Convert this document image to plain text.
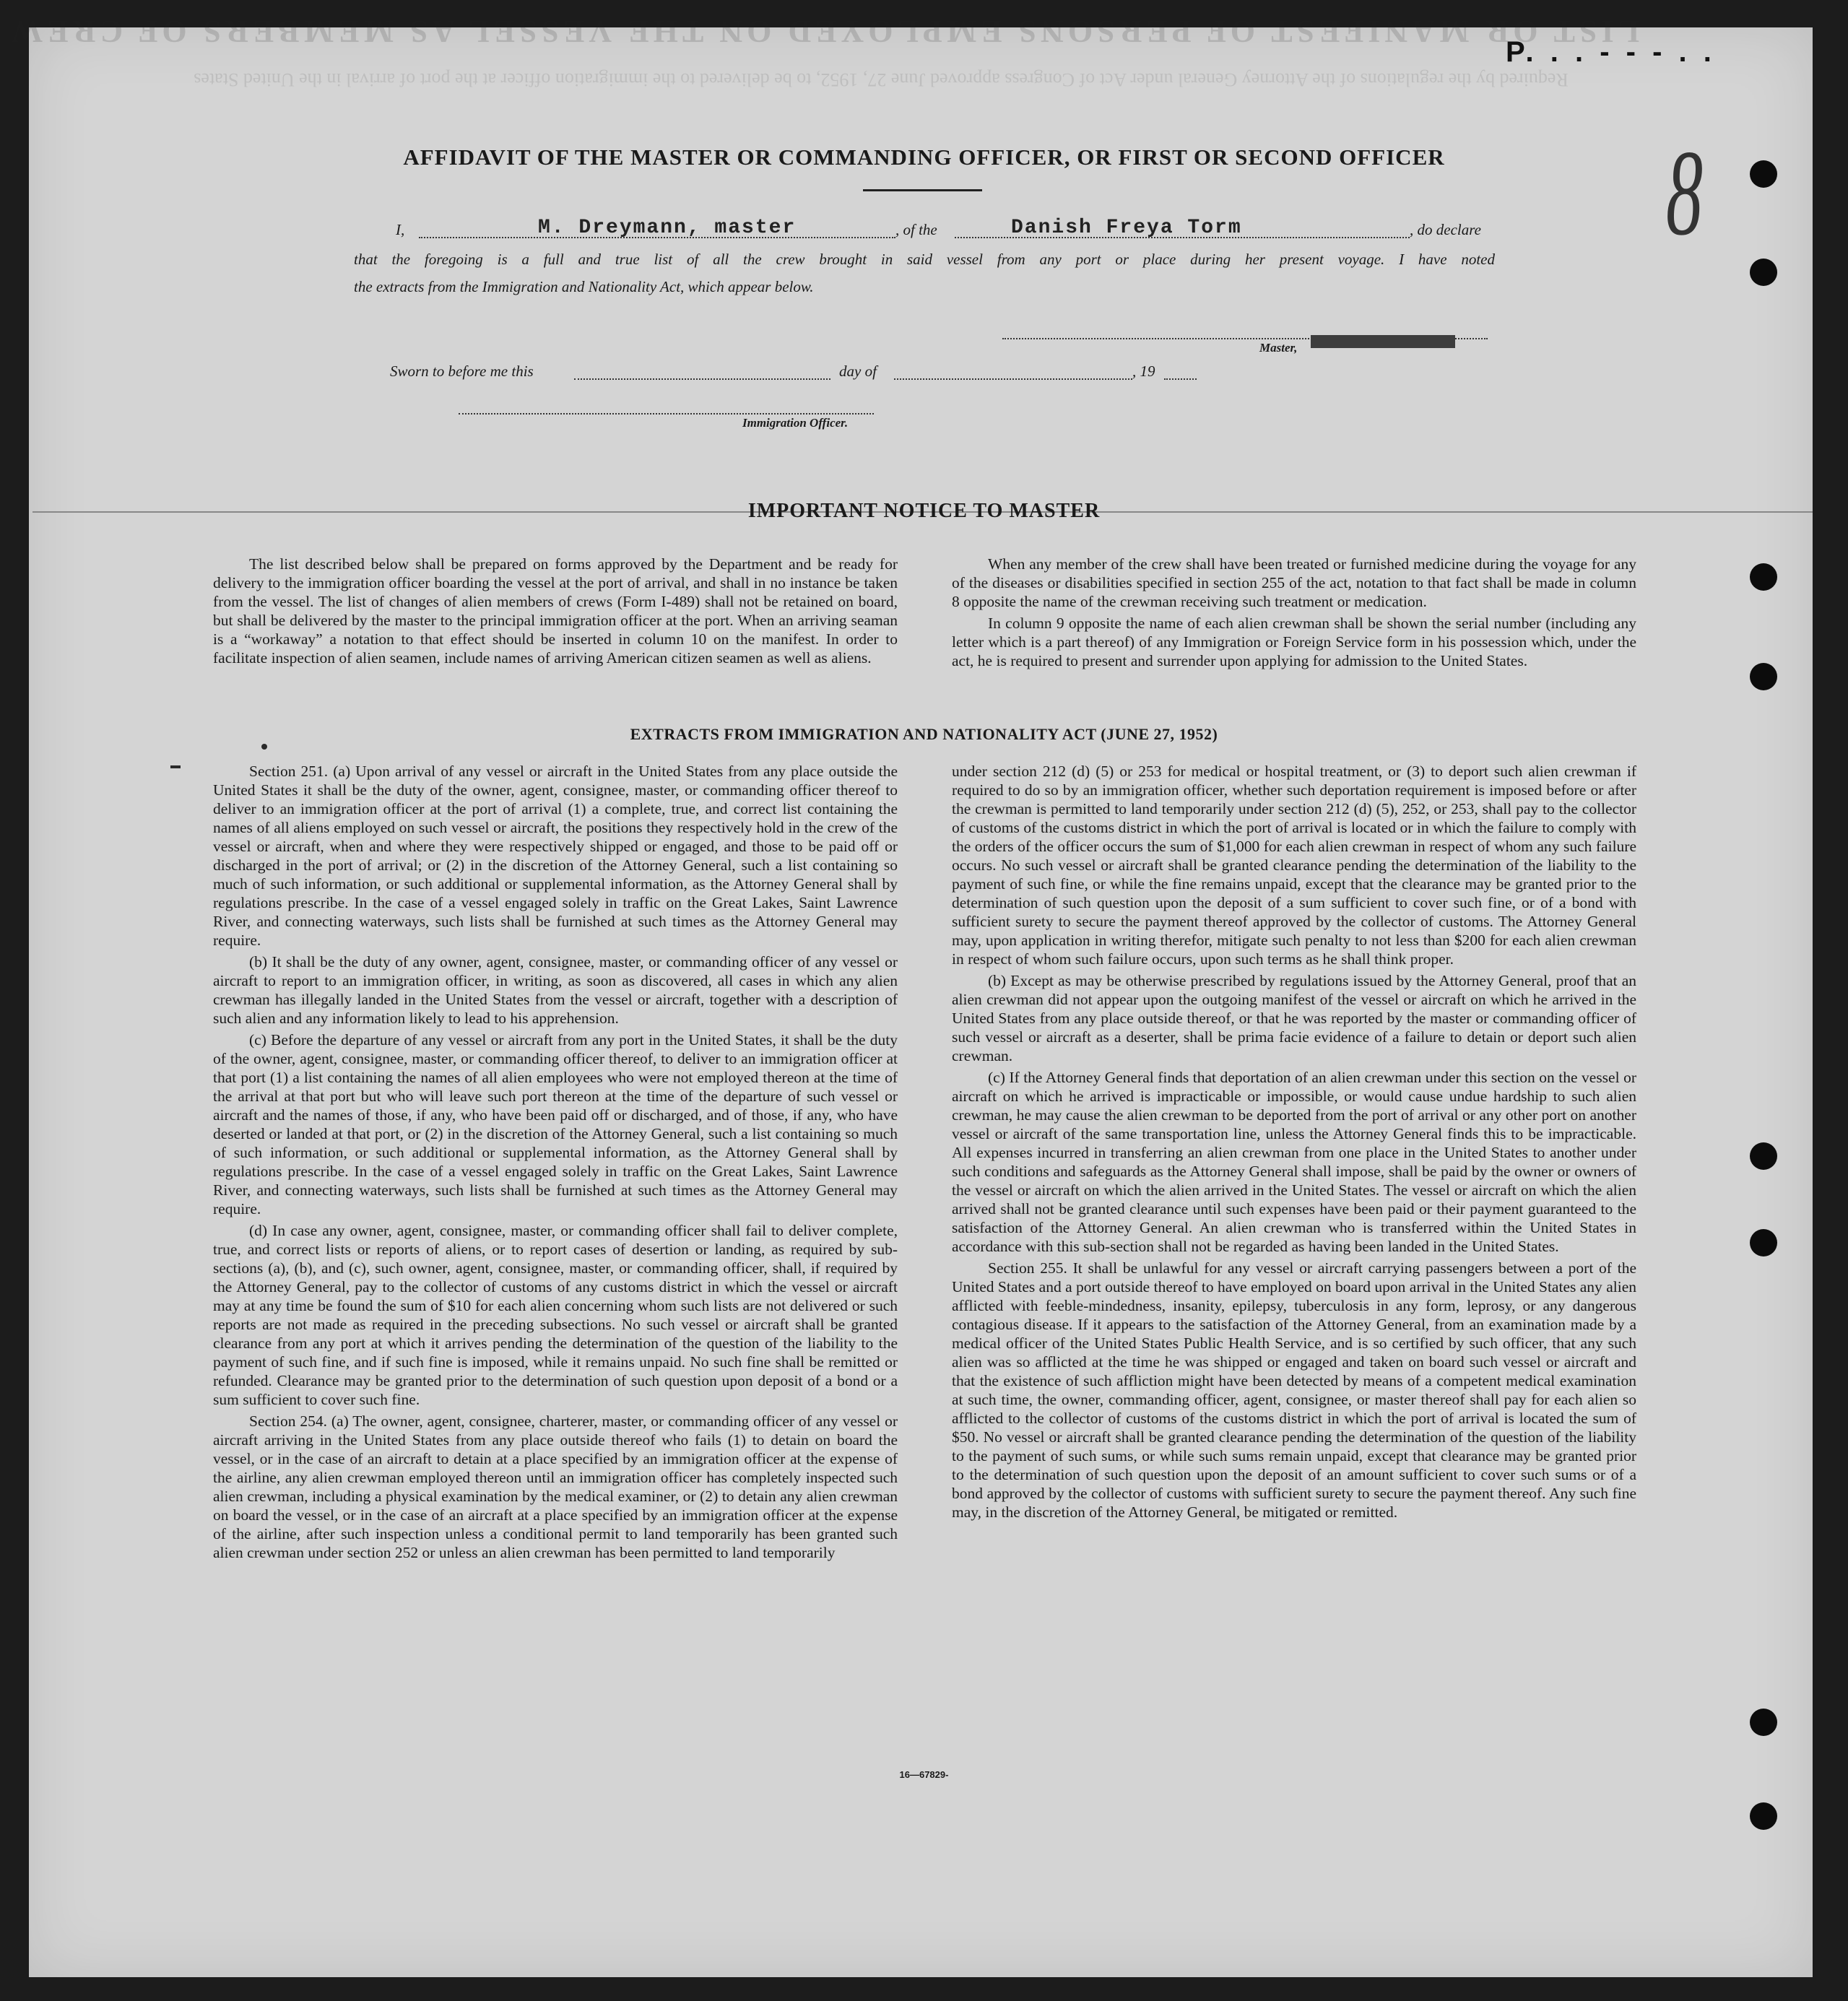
LIST OR MANIFEST OF PERSONS EMPLOYED ON THE VESSEL AS MEMBERS OF CREW
Required by the regulations of the Attorney General under Act of Congress approved June 27, 1952, to be delivered to the immigration officer at the port of arrival in the United States
P. . . - - - . .
8
AFFIDAVIT OF THE MASTER OR COMMANDING OFFICER, OR FIRST OR SECOND OFFICER
I,	M. Dreymann, master	, of the	Danish Freya Torm	, do declare

that the foregoing is a full and true list of all the crew brought in said vessel from any port or place during her present voyage. I have noted

the extracts from the Immigration and Nationality Act, which appear below.

Master,
Sworn to before me this	day of	, 19
Immigration Officer.
IMPORTANT NOTICE TO MASTER

The list described below shall be prepared on forms approved by the Department and be ready for delivery to the immigration officer boarding the vessel at the port of arrival, and shall in no instance be taken from the vessel. The list of changes of alien members of crews (Form I-489) shall not be retained on board, but shall be delivered by the master to the principal immigration officer at the port. When an arriving seaman is a “workaway” a notation to that effect should be inserted in column 10 on the manifest. In order to facilitate inspection of alien seamen, include names of arriving American citizen seamen as well as aliens.

When any member of the crew shall have been treated or furnished medicine during the voyage for any of the diseases or disabilities specified in section 255 of the act, notation to that fact shall be made in column 8 opposite the name of the crewman receiving such treatment or medication.

In column 9 opposite the name of each alien crewman shall be shown the serial number (including any letter which is a part thereof) of any Immigration or Foreign Service form in his possession which, under the act, he is required to present and surrender upon applying for admission to the United States.

EXTRACTS FROM IMMIGRATION AND NATIONALITY ACT (JUNE 27, 1952)

Section 251. (a) Upon arrival of any vessel or aircraft in the United States from any place outside the United States it shall be the duty of the owner, agent, consignee, master, or commanding officer thereof to deliver to an immigration officer at the port of arrival (1) a complete, true, and correct list containing the names of all aliens employed on such vessel or aircraft, the positions they respectively hold in the crew of the vessel or aircraft, when and where they were respectively shipped or engaged, and those to be paid off or discharged in the port of arrival; or (2) in the discretion of the Attorney General, such a list containing so much of such information, or such additional or supplemental information, as the Attorney General shall by regulations prescribe. In the case of a vessel engaged solely in traffic on the Great Lakes, Saint Lawrence River, and connecting waterways, such lists shall be furnished at such times as the Attorney General may require.

(b) It shall be the duty of any owner, agent, consignee, master, or commanding officer of any vessel or aircraft to report to an immigration officer, in writing, as soon as discovered, all cases in which any alien crewman has illegally landed in the United States from the vessel or aircraft, together with a description of such alien and any information likely to lead to his apprehension.

(c) Before the departure of any vessel or aircraft from any port in the United States, it shall be the duty of the owner, agent, consignee, master, or commanding officer thereof, to deliver to an immigration officer at that port (1) a list containing the names of all alien employees who were not employed thereon at the time of the arrival at that port but who will leave such port thereon at the time of the departure of such vessel or aircraft and the names of those, if any, who have been paid off or discharged, and of those, if any, who have deserted or landed at that port, or (2) in the discretion of the Attorney General, such a list containing so much of such information, or such additional or supplemental information, as the Attorney General shall by regulations prescribe. In the case of a vessel engaged solely in traffic on the Great Lakes, Saint Lawrence River, and connecting waterways, such lists shall be furnished at such times as the Attorney General may require.

(d) In case any owner, agent, consignee, master, or commanding officer shall fail to deliver complete, true, and correct lists or reports of aliens, or to report cases of desertion or landing, as required by sub-sections (a), (b), and (c), such owner, agent, consignee, master, or commanding officer, shall, if required by the Attorney General, pay to the collector of customs of any customs district in which the vessel or aircraft may at any time be found the sum of $10 for each alien concerning whom such lists are not delivered or such reports are not made as required in the preceding subsections. No such vessel or aircraft shall be granted clearance from any port at which it arrives pending the determination of the question of the liability to the payment of such fine, and if such fine is imposed, while it remains unpaid. No such fine shall be remitted or refunded. Clearance may be granted prior to the determination of such question upon deposit of a bond or a sum sufficient to cover such fine.

Section 254. (a) The owner, agent, consignee, charterer, master, or commanding officer of any vessel or aircraft arriving in the United States from any place outside thereof who fails (1) to detain on board the vessel, or in the case of an aircraft to detain at a place specified by an immigration officer at the expense of the airline, any alien crewman employed thereon until an immigration officer has completely inspected such alien crewman, including a physical examination by the medical examiner, or (2) to detain any alien crewman on board the vessel, or in the case of an aircraft at a place specified by an immigration officer at the expense of the airline, after such inspection unless a conditional permit to land temporarily has been granted such alien crewman under section 252 or unless an alien crewman has been permitted to land temporarily

under section 212 (d) (5) or 253 for medical or hospital treatment, or (3) to deport such alien crewman if required to do so by an immigration officer, whether such deportation requirement is imposed before or after the crewman is permitted to land temporarily under section 212 (d) (5), 252, or 253, shall pay to the collector of customs of the customs district in which the port of arrival is located or in which the failure to comply with the orders of the officer occurs the sum of $1,000 for each alien crewman in respect of whom any such failure occurs. No such vessel or aircraft shall be granted clearance pending the determination of the liability to the payment of such fine, or while the fine remains unpaid, except that the clearance may be granted prior to the determination of such question upon the deposit of a sum sufficient to cover such fine, or of a bond with sufficient surety to secure the payment thereof approved by the collector of customs. The Attorney General may, upon application in writing therefor, mitigate such penalty to not less than $200 for each alien crewman in respect of whom such failure occurs, upon such terms as he shall think proper.

(b) Except as may be otherwise prescribed by regulations issued by the Attorney General, proof that an alien crewman did not appear upon the outgoing manifest of the vessel or aircraft on which he arrived in the United States from any place outside thereof, or that he was reported by the master or commanding officer of such vessel or aircraft as a deserter, shall be prima facie evidence of a failure to detain or deport such alien crewman.

(c) If the Attorney General finds that deportation of an alien crewman under this section on the vessel or aircraft on which he arrived is impracticable or impossible, or would cause undue hardship to such alien crewman, he may cause the alien crewman to be deported from the port of arrival or any other port on another vessel or aircraft of the same transportation line, unless the Attorney General finds this to be impracticable. All expenses incurred in transferring an alien crewman from one place in the United States to another under such conditions and safeguards as the Attorney General shall impose, shall be paid by the owner or owners of the vessel or aircraft on which the alien arrived in the United States. The vessel or aircraft on which the alien arrived shall not be granted clearance until such expenses have been paid or their payment guaranteed to the satisfaction of the Attorney General. An alien crewman who is transferred within the United States in accordance with this sub-section shall not be regarded as having been landed in the United States.

Section 255. It shall be unlawful for any vessel or aircraft carrying passengers between a port of the United States and a port outside thereof to have employed on board upon arrival in the United States any alien afflicted with feeble-mindedness, insanity, epilepsy, tuberculosis in any form, leprosy, or any dangerous contagious disease. If it appears to the satisfaction of the Attorney General, from an examination made by a medical officer of the United States Public Health Service, and is so certified by such officer, that any such alien was so afflicted at the time he was shipped or engaged and taken on board such vessel or aircraft and that the existence of such affliction might have been detected by means of a competent medical examination at such time, the owner, commanding officer, agent, consignee, or master thereof shall pay for each alien so afflicted to the collector of customs of the customs district in which the port of arrival is located the sum of $50. No vessel or aircraft shall be granted clearance pending the determination of the question of the liability to the payment of such sums, or while such sums remain unpaid, except that clearance may be granted prior to the determination of such question upon the deposit of an amount sufficient to cover such sums or of a bond approved by the collector of customs with sufficient surety to secure the payment thereof. Any such fine may, in the discretion of the Attorney General, be mitigated or remitted.

16—67829-
